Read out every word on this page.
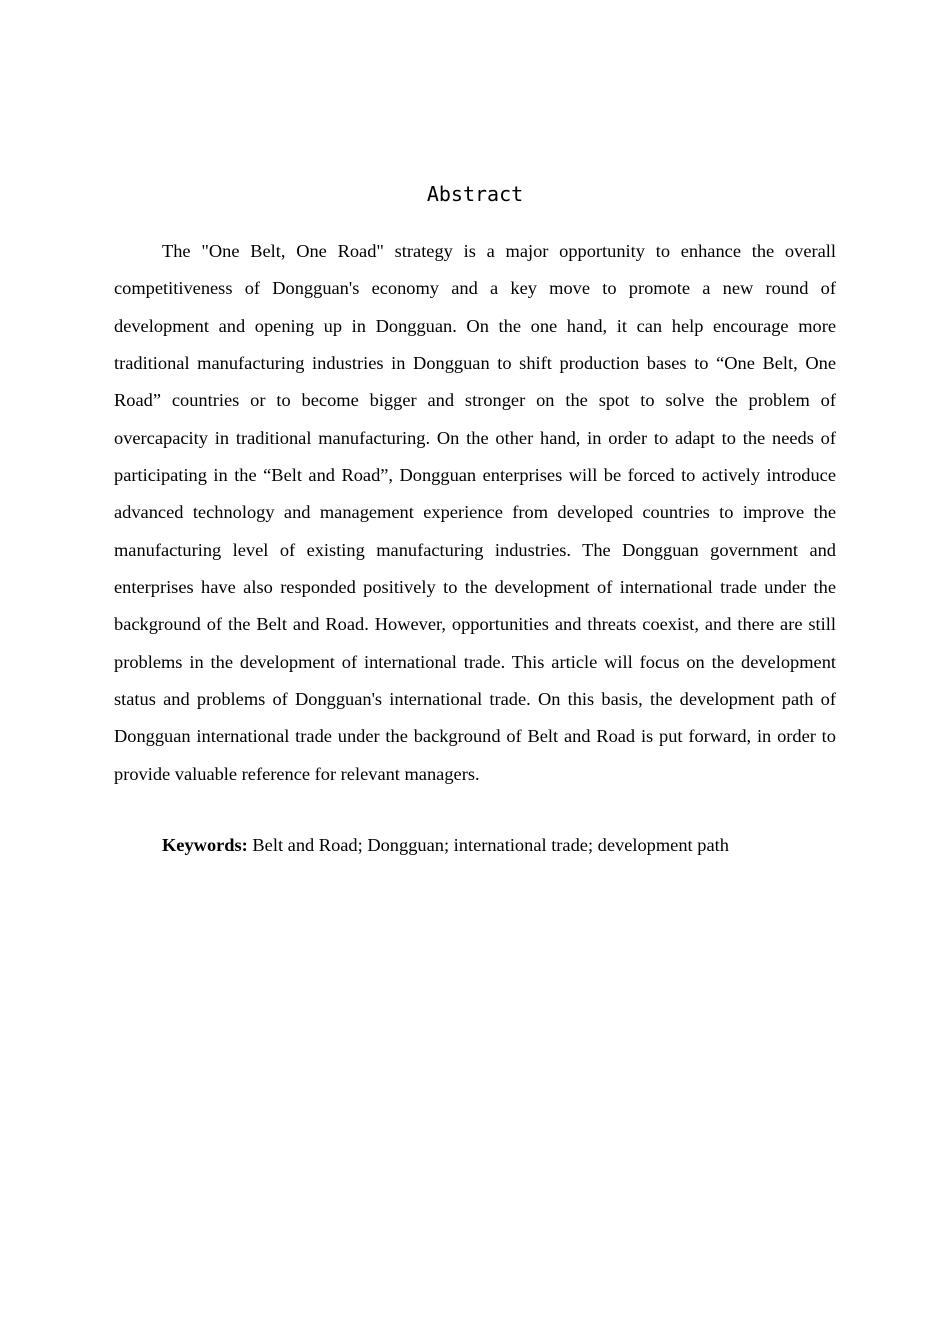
Abstract

The "One Belt, One Road" strategy is a major opportunity to enhance the overall competitiveness of Dongguan's economy and a key move to promote a new round of development and opening up in Dongguan. On the one hand, it can help encourage more traditional manufacturing industries in Dongguan to shift production bases to “One Belt, One Road” countries or to become bigger and stronger on the spot to solve the problem of overcapacity in traditional manufacturing. On the other hand, in order to adapt to the needs of participating in the “Belt and Road”, Dongguan enterprises will be forced to actively introduce advanced technology and management experience from developed countries to improve the manufacturing level of existing manufacturing industries. The Dongguan government and enterprises have also responded positively to the development of international trade under the background of the Belt and Road. However, opportunities and threats coexist, and there are still problems in the development of international trade. This article will focus on the development status and problems of Dongguan's international trade. On this basis, the development path of Dongguan international trade under the background of Belt and Road is put forward, in order to provide valuable reference for relevant managers.

Keywords: Belt and Road; Dongguan; international trade; development path
